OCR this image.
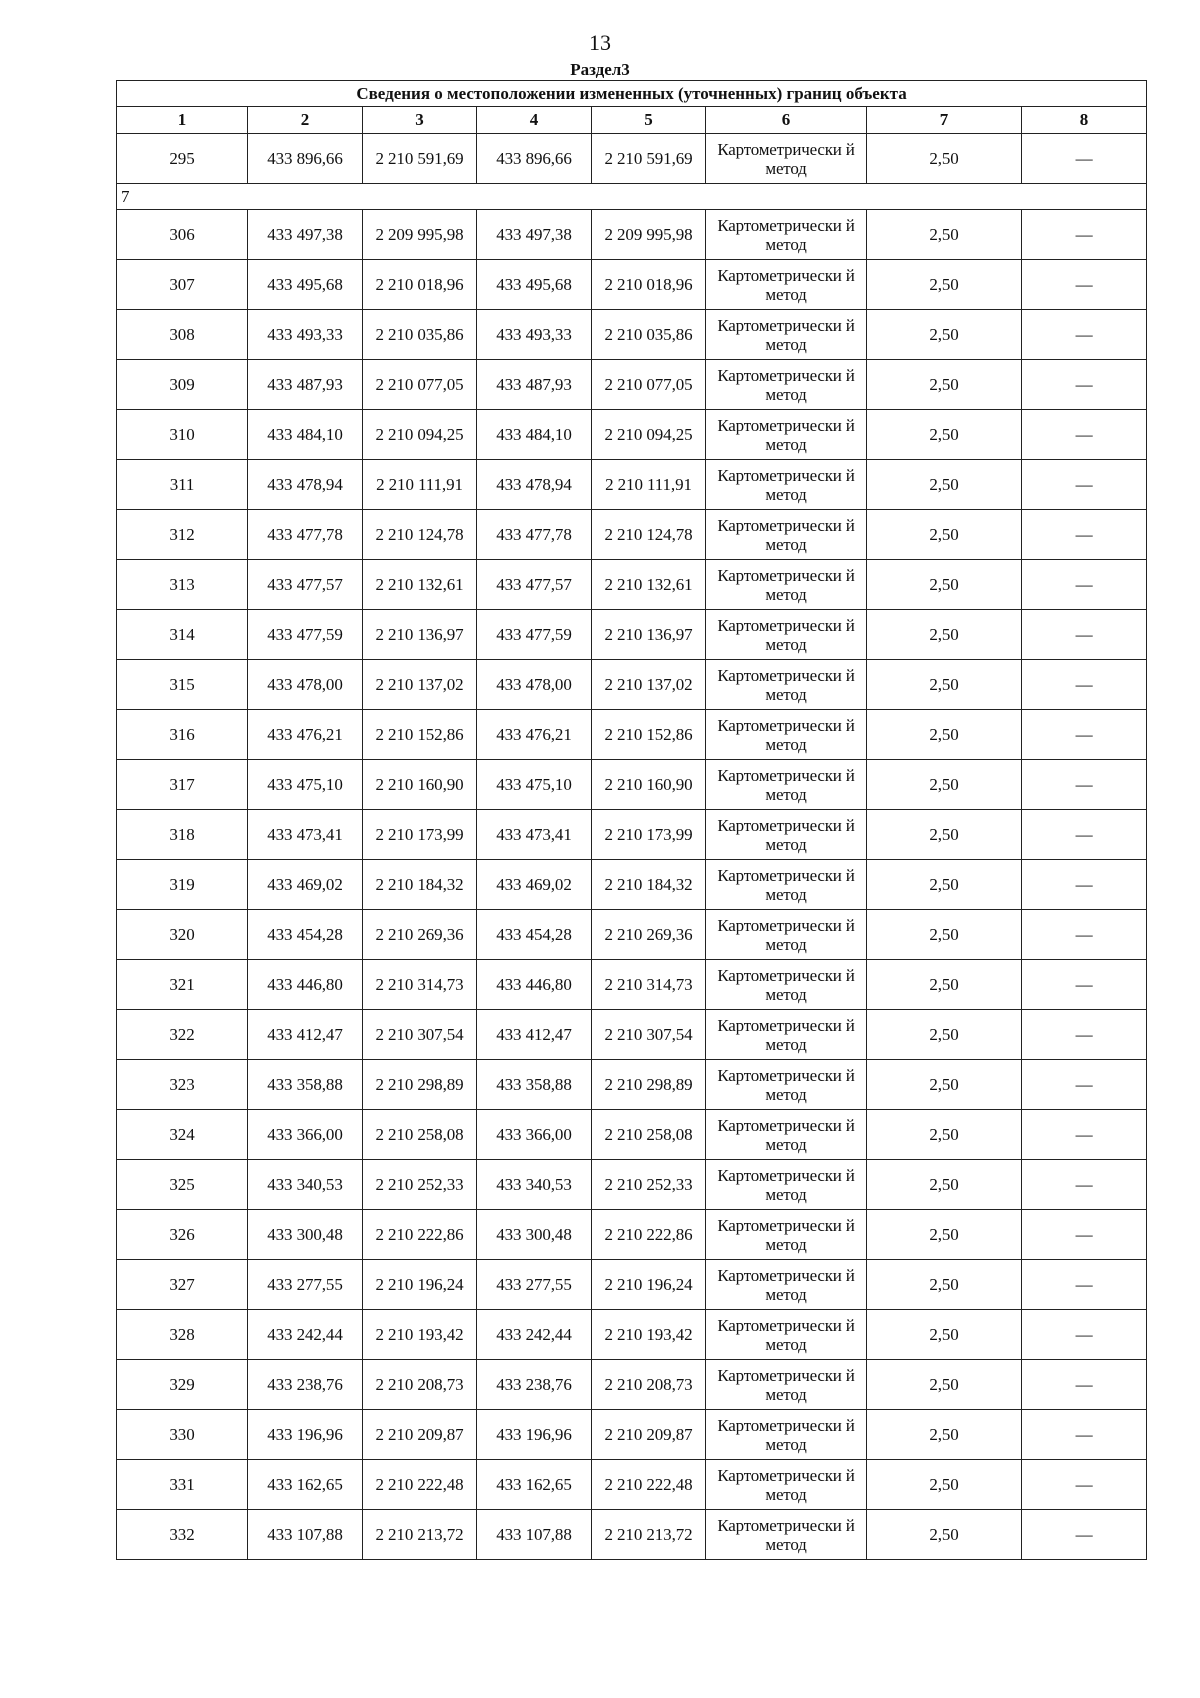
13
Раздел3
Сведения о местоположении измененных (уточненных) границ объекта							
1	2	3	4	5	6	7	8
295	433 896,66	2 210 591,69	433 896,66	2 210 591,69	Картометрически й метод	2,50	—
7							
306	433 497,38	2 209 995,98	433 497,38	2 209 995,98	Картометрически й метод	2,50	—
307	433 495,68	2 210 018,96	433 495,68	2 210 018,96	Картометрически й метод	2,50	—
308	433 493,33	2 210 035,86	433 493,33	2 210 035,86	Картометрически й метод	2,50	—
309	433 487,93	2 210 077,05	433 487,93	2 210 077,05	Картометрически й метод	2,50	—
310	433 484,10	2 210 094,25	433 484,10	2 210 094,25	Картометрически й метод	2,50	—
311	433 478,94	2 210 111,91	433 478,94	2 210 111,91	Картометрически й метод	2,50	—
312	433 477,78	2 210 124,78	433 477,78	2 210 124,78	Картометрически й метод	2,50	—
313	433 477,57	2 210 132,61	433 477,57	2 210 132,61	Картометрически й метод	2,50	—
314	433 477,59	2 210 136,97	433 477,59	2 210 136,97	Картометрически й метод	2,50	—
315	433 478,00	2 210 137,02	433 478,00	2 210 137,02	Картометрически й метод	2,50	—
316	433 476,21	2 210 152,86	433 476,21	2 210 152,86	Картометрически й метод	2,50	—
317	433 475,10	2 210 160,90	433 475,10	2 210 160,90	Картометрически й метод	2,50	—
318	433 473,41	2 210 173,99	433 473,41	2 210 173,99	Картометрически й метод	2,50	—
319	433 469,02	2 210 184,32	433 469,02	2 210 184,32	Картометрически й метод	2,50	—
320	433 454,28	2 210 269,36	433 454,28	2 210 269,36	Картометрически й метод	2,50	—
321	433 446,80	2 210 314,73	433 446,80	2 210 314,73	Картометрически й метод	2,50	—
322	433 412,47	2 210 307,54	433 412,47	2 210 307,54	Картометрически й метод	2,50	—
323	433 358,88	2 210 298,89	433 358,88	2 210 298,89	Картометрически й метод	2,50	—
324	433 366,00	2 210 258,08	433 366,00	2 210 258,08	Картометрически й метод	2,50	—
325	433 340,53	2 210 252,33	433 340,53	2 210 252,33	Картометрически й метод	2,50	—
326	433 300,48	2 210 222,86	433 300,48	2 210 222,86	Картометрически й метод	2,50	—
327	433 277,55	2 210 196,24	433 277,55	2 210 196,24	Картометрически й метод	2,50	—
328	433 242,44	2 210 193,42	433 242,44	2 210 193,42	Картометрически й метод	2,50	—
329	433 238,76	2 210 208,73	433 238,76	2 210 208,73	Картометрически й метод	2,50	—
330	433 196,96	2 210 209,87	433 196,96	2 210 209,87	Картометрически й метод	2,50	—
331	433 162,65	2 210 222,48	433 162,65	2 210 222,48	Картометрически й метод	2,50	—
332	433 107,88	2 210 213,72	433 107,88	2 210 213,72	Картометрически й метод	2,50	—
